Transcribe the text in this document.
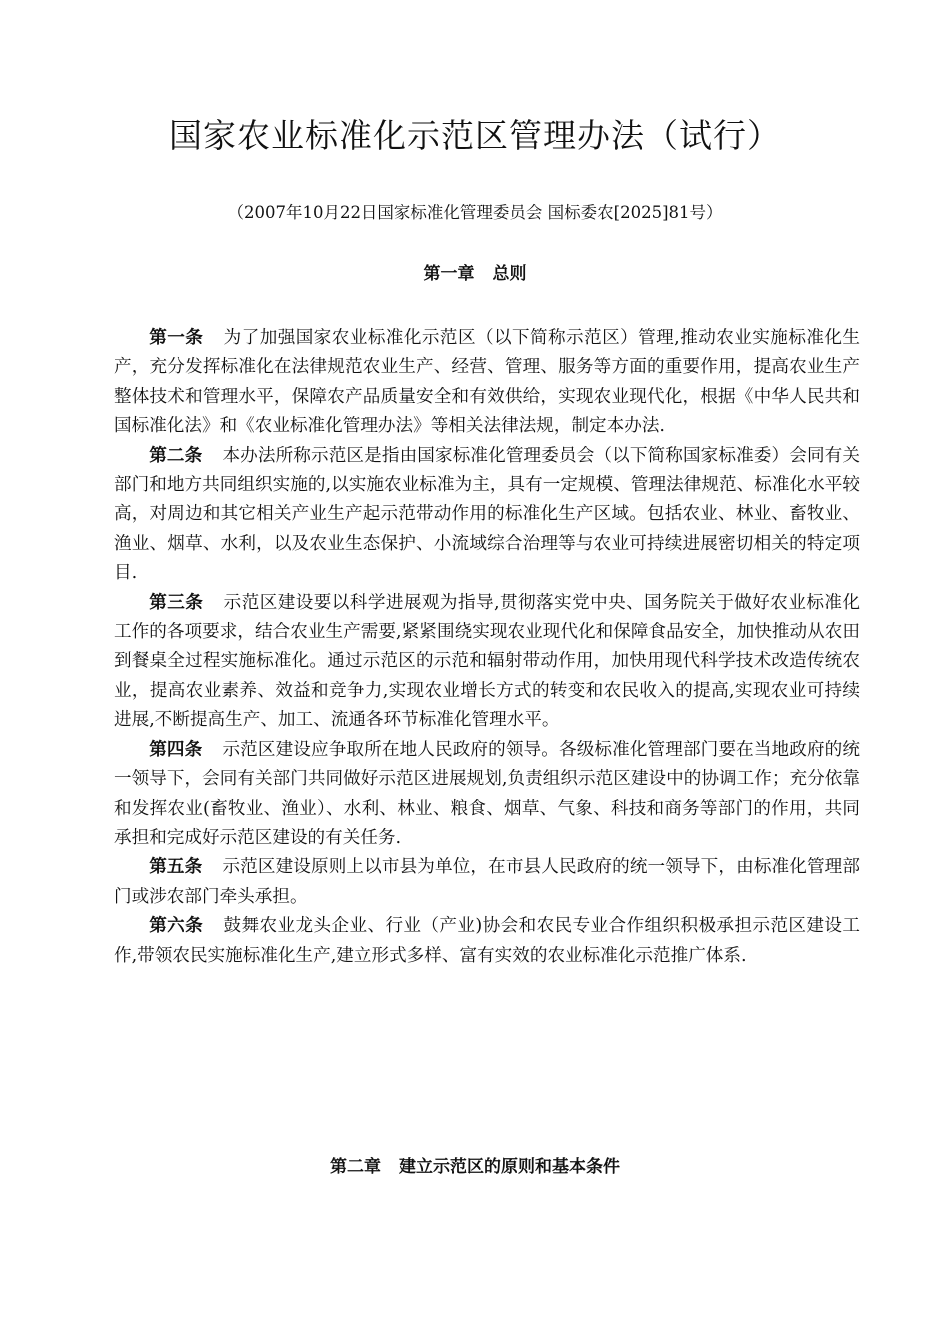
国家农业标准化示范区管理办法（试行）
（2007年10月22日国家标准化管理委员会 国标委农[2025]81号）
第一章 总则

第一条 为了加强国家农业标准化示范区（以下简称示范区）管理,推动农业实施标准化生产，充分发挥标准化在法律规范农业生产、经营、管理、服务等方面的重要作用，提高农业生产整体技术和管理水平，保障农产品质量安全和有效供给，实现农业现代化，根据《中华人民共和国标准化法》和《农业标准化管理办法》等相关法律法规，制定本办法.

第二条 本办法所称示范区是指由国家标准化管理委员会（以下简称国家标准委）会同有关部门和地方共同组织实施的,以实施农业标准为主，具有一定规模、管理法律规范、标准化水平较高，对周边和其它相关产业生产起示范带动作用的标准化生产区域。包括农业、林业、畜牧业、渔业、烟草、水利，以及农业生态保护、小流域综合治理等与农业可持续进展密切相关的特定项目.

第三条 示范区建设要以科学进展观为指导,贯彻落实党中央、国务院关于做好农业标准化工作的各项要求，结合农业生产需要,紧紧围绕实现农业现代化和保障食品安全，加快推动从农田到餐桌全过程实施标准化。通过示范区的示范和辐射带动作用，加快用现代科学技术改造传统农业，提高农业素养、效益和竞争力,实现农业增长方式的转变和农民收入的提高,实现农业可持续进展,不断提高生产、加工、流通各环节标准化管理水平。

第四条 示范区建设应争取所在地人民政府的领导。各级标准化管理部门要在当地政府的统一领导下，会同有关部门共同做好示范区进展规划,负责组织示范区建设中的协调工作；充分依靠和发挥农业(畜牧业、渔业）、水利、林业、粮食、烟草、气象、科技和商务等部门的作用，共同承担和完成好示范区建设的有关任务.

第五条 示范区建设原则上以市县为单位，在市县人民政府的统一领导下，由标准化管理部门或涉农部门牵头承担。

第六条 鼓舞农业龙头企业、行业（产业)协会和农民专业合作组织积极承担示范区建设工作,带领农民实施标准化生产,建立形式多样、富有实效的农业标准化示范推广体系.

第二章 建立示范区的原则和基本条件
